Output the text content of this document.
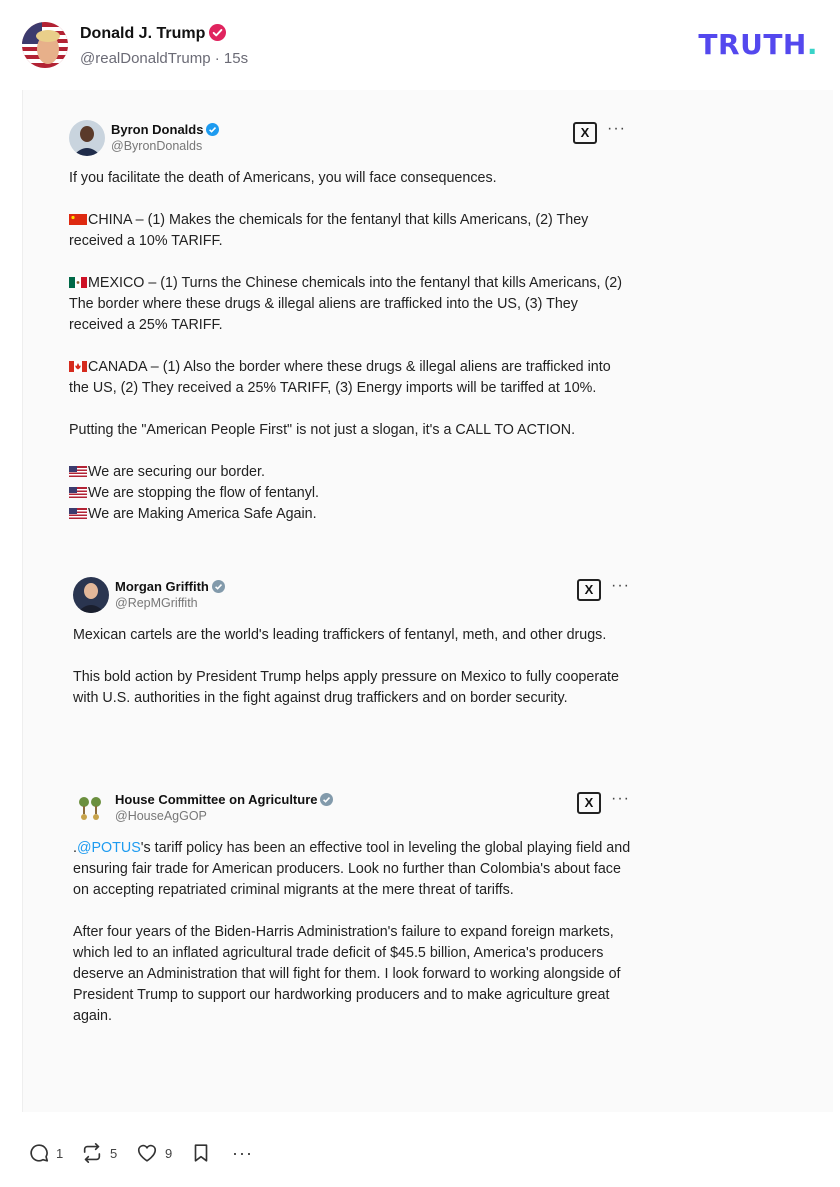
Donald J. Trump
@realDonaldTrump · 15s	TRUTH.
Byron Donalds
@ByronDonalds
X	···

If you facilitate the death of Americans, you will face consequences.

CHINA – (1) Makes the chemicals for the fentanyl that kills Americans, (2) They received a 10% TARIFF.

MEXICO – (1) Turns the Chinese chemicals into the fentanyl that kills Americans, (2) The border where these drugs & illegal aliens are trafficked into the US, (3) They received a 25% TARIFF.

CANADA – (1) Also the border where these drugs & illegal aliens are trafficked into the US, (2) They received a 25% TARIFF, (3) Energy imports will be tariffed at 10%.

Putting the "American People First" is not just a slogan, it's a CALL TO ACTION.

We are securing our border.
We are stopping the flow of fentanyl.
We are Making America Safe Again.
Morgan Griffith
@RepMGriffith
X	···

Mexican cartels are the world's leading traffickers of fentanyl, meth, and other drugs.

This bold action by President Trump helps apply pressure on Mexico to fully cooperate with U.S. authorities in the fight against drug traffickers and on border security.

House Committee on Agriculture
@HouseAgGOP
X	···

.@POTUS's tariff policy has been an effective tool in leveling the global playing field and ensuring fair trade for American producers. Look no further than Colombia's about face on accepting repatriated criminal migrants at the mere threat of tariffs.

After four years of the Biden-Harris Administration's failure to expand foreign markets, which led to an inflated agricultural trade deficit of $45.5 billion, America's producers deserve an Administration that will fight for them. I look forward to working alongside of President Trump to support our hardworking producers and to make agriculture great again.

1	5	9	···
